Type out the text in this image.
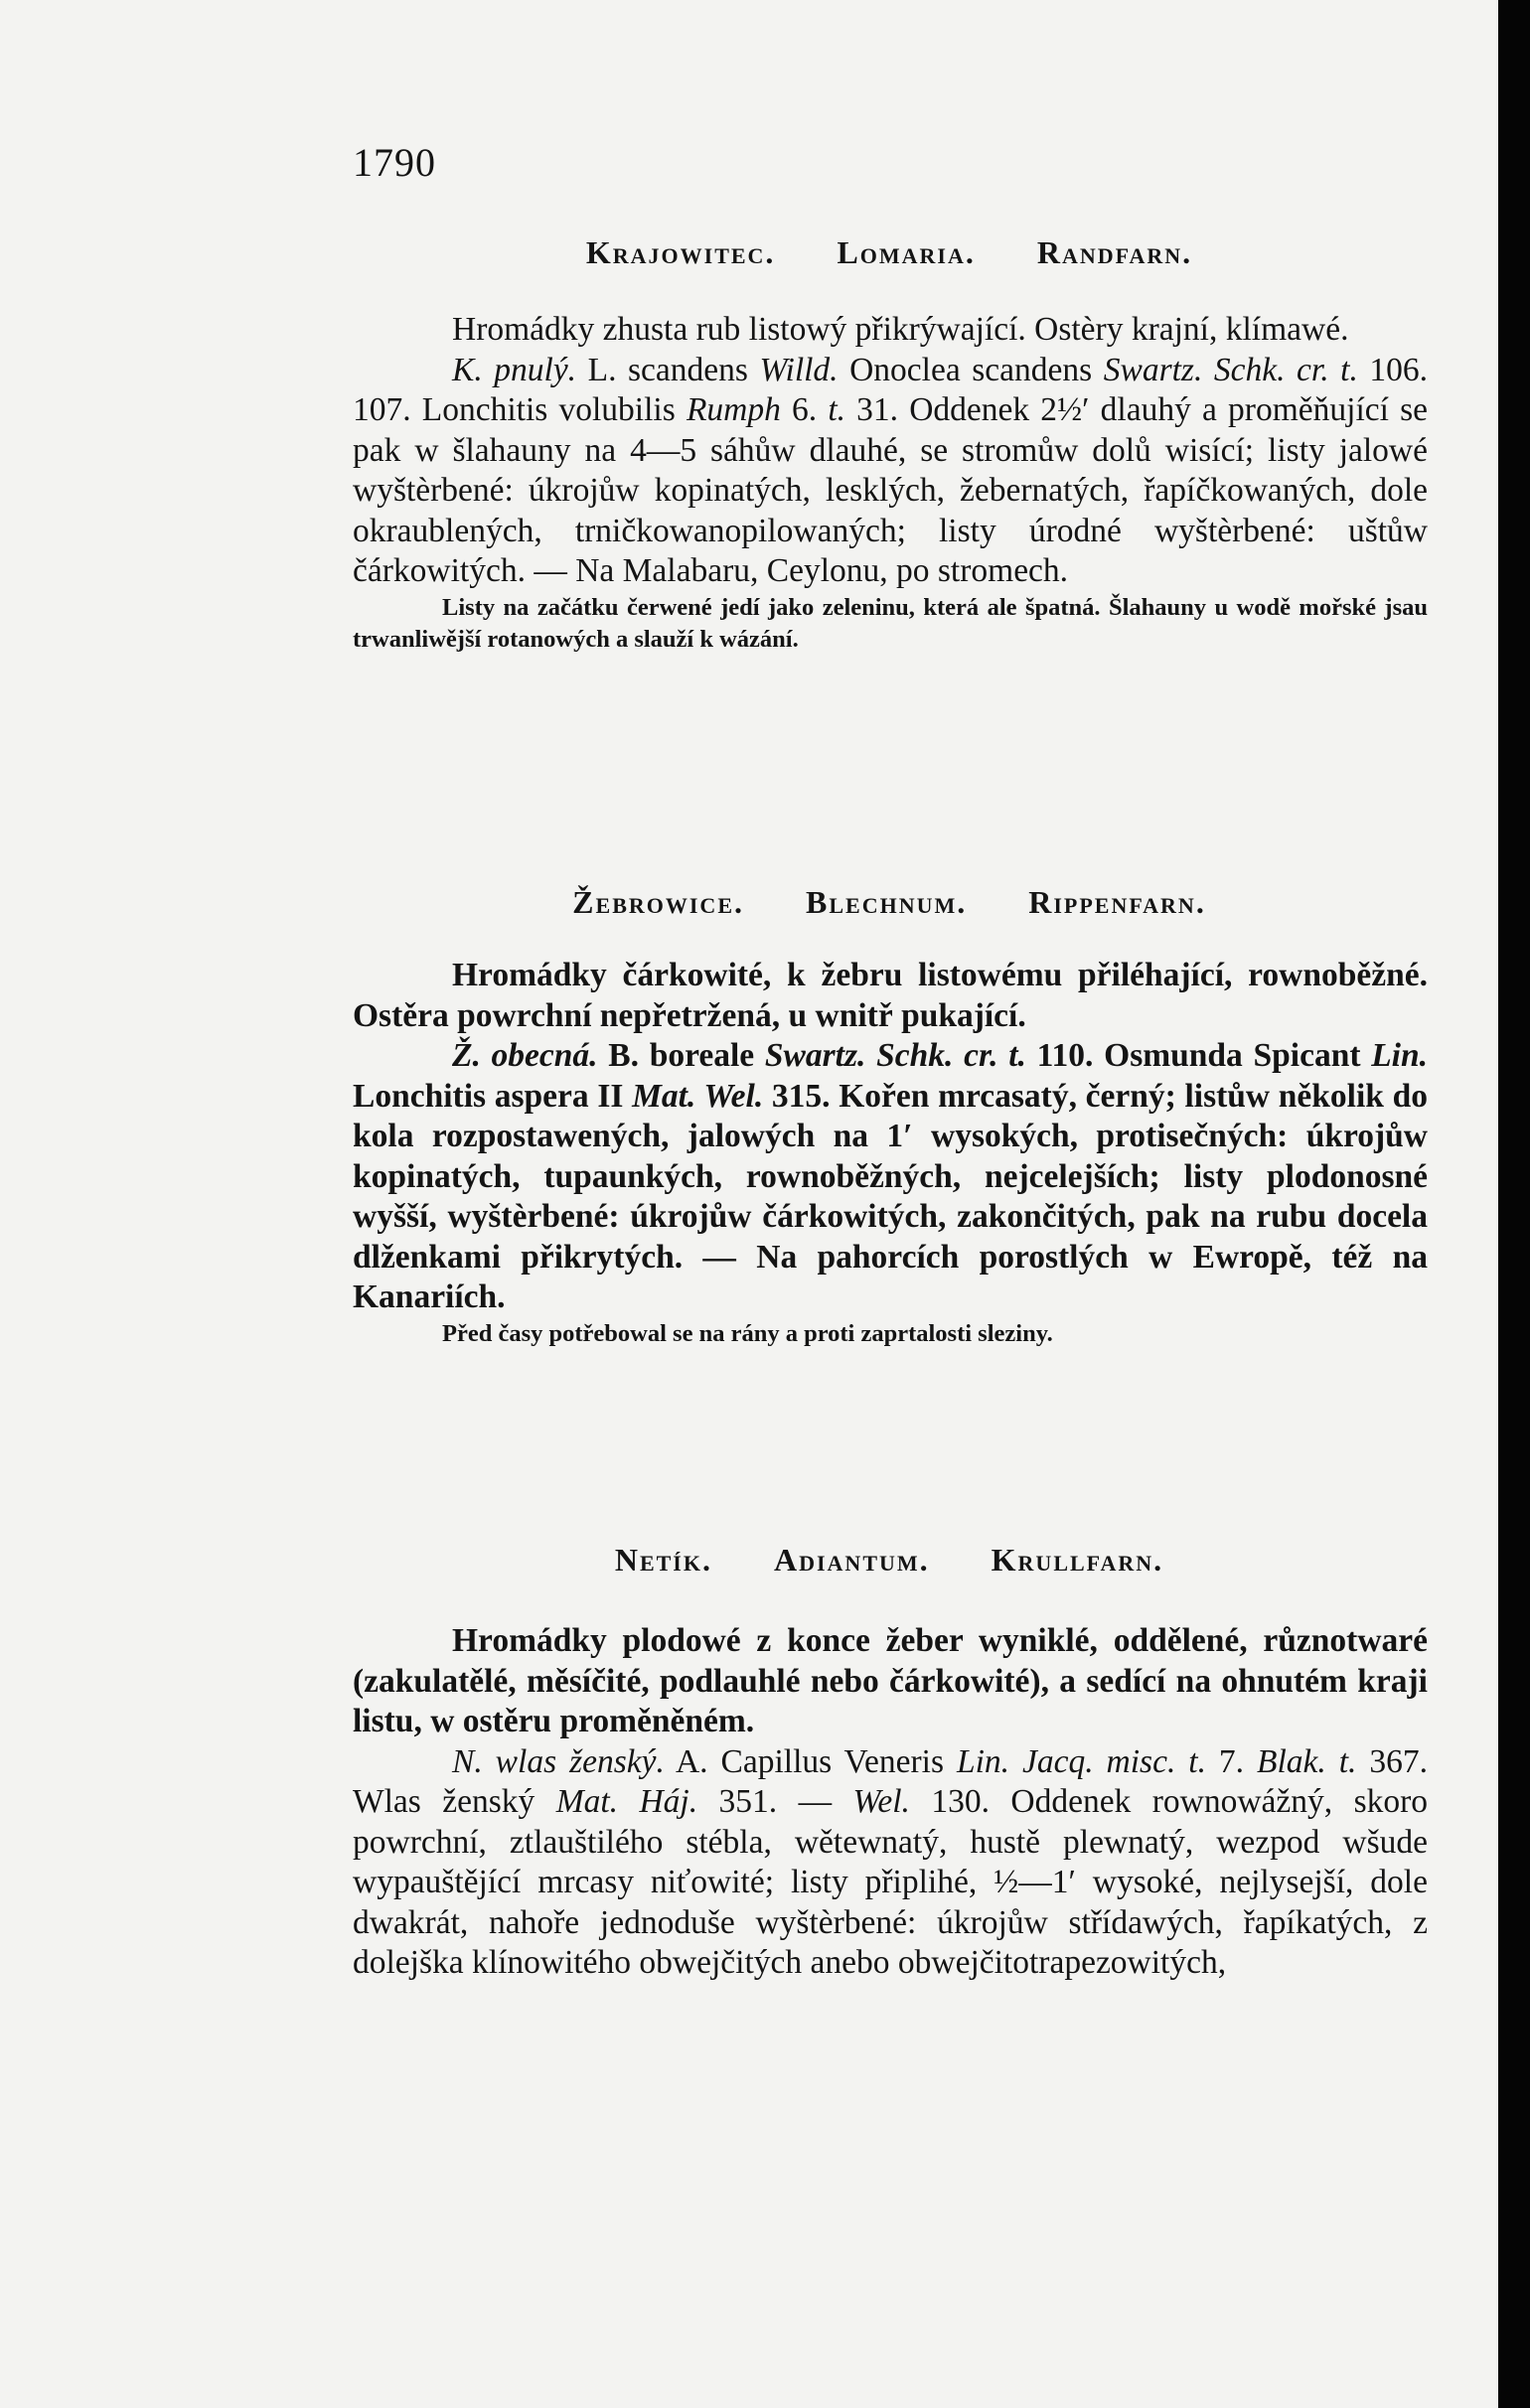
1790
Krajowitec. Lomaria. Randfarn.

Hromádky zhusta rub listowý přikrýwající. Ostèry krajní, klímawé.

K. pnulý. L. scandens Willd. Onoclea scandens Swartz. Schk. cr. t. 106. 107. Lonchitis volubilis Rumph 6. t. 31. Oddenek 2½′ dlauhý a proměňující se pak w šlahauny na 4—5 sáhůw dlauhé, se stromůw dolů wisící; listy jalowé wyštèrbené: úkrojůw kopinatých, lesklých, žebernatých, řapíčkowaných, dole okraublených, trničkowanopilowaných; listy úrodné wyštèrbené: uštůw čárkowitých. — Na Malabaru, Ceylonu, po stromech.

Listy na začátku čerwené jedí jako zeleninu, která ale špatná. Šlahauny u wodě mořské jsau trwanliwější rotanowých a slauží k wázání.

Žebrowice. Blechnum. Rippenfarn.

Hromádky čárkowité, k žebru listowému přiléhající, rownoběžné. Ostěra powrchní nepřetržená, u wnitř pukající.

Ž. obecná. B. boreale Swartz. Schk. cr. t. 110. Osmunda Spicant Lin. Lonchitis aspera II Mat. Wel. 315. Kořen mrcasatý, černý; listůw několik do kola rozpostawených, jalowých na 1′ wysokých, protisečných: úkrojůw kopinatých, tupaunkých, rownoběžných, nejcelejších; listy plodonosné wyšší, wyštèrbené: úkrojůw čárkowitých, zakončitých, pak na rubu docela dlženkami přikrytých. — Na pahorcích porostlých w Ewropě, též na Kanariích.

Před časy potřebowal se na rány a proti zaprtalosti sleziny.

Netík. Adiantum. Krullfarn.

Hromádky plodowé z konce žeber wyniklé, oddělené, různotwaré (zakulatělé, měsíčité, podlauhlé nebo čárkowité), a sedící na ohnutém kraji listu, w ostěru proměněném.

N. wlas ženský. A. Capillus Veneris Lin. Jacq. misc. t. 7. Blak. t. 367. Wlas ženský Mat. Háj. 351. — Wel. 130. Oddenek rownowážný, skoro powrchní, ztlauštilého stébla, wětewnatý, hustě plewnatý, wezpod wšude wypauštějící mrcasy niťowité; listy připlihé, ½—1′ wysoké, nejlysejší, dole dwakrát, nahoře jednoduše wyštèrbené: úkrojůw střídawých, řapíkatých, z dolejška klínowitého obwejčitých anebo obwejčitotrapezowitých,
